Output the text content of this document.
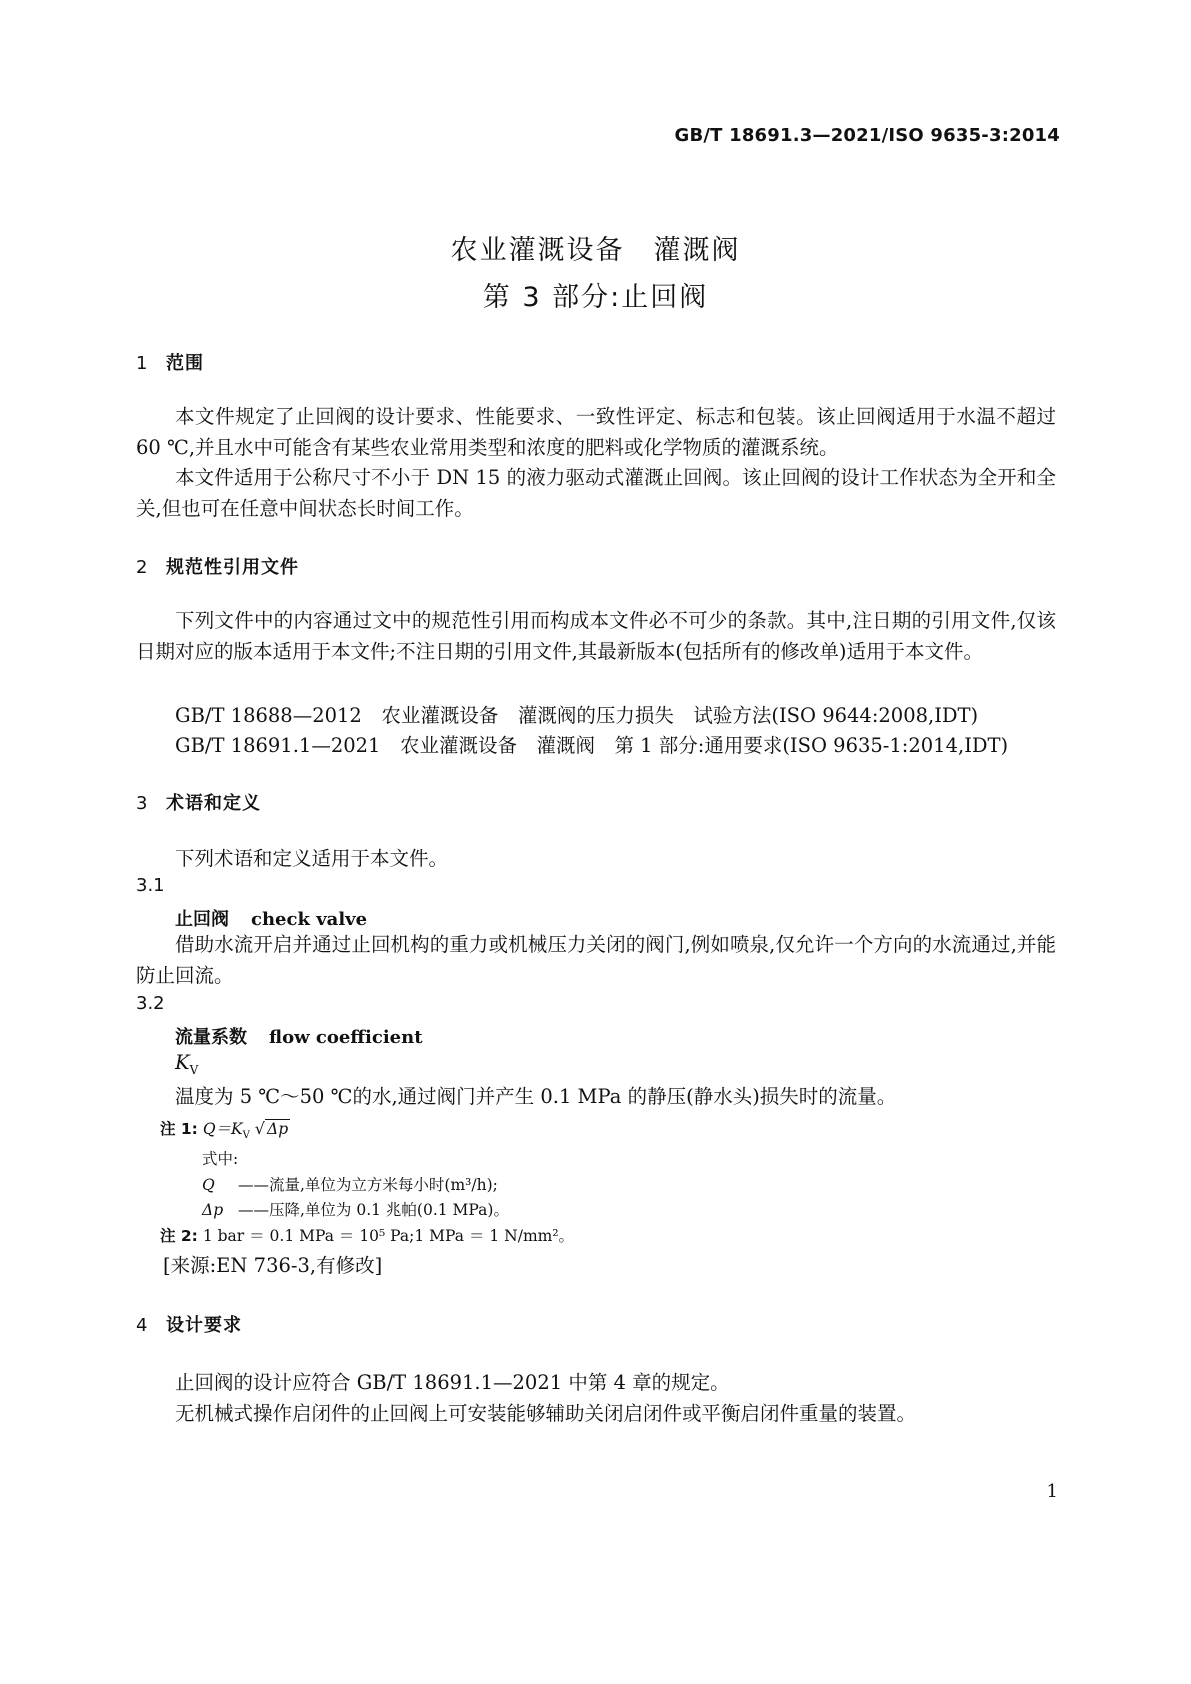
GB/T 18691.3—2021/ISO 9635-3:2014
农业灌溉设备　灌溉阀
第 3 部分:止回阀
1 范围
本文件规定了止回阀的设计要求、性能要求、一致性评定、标志和包装。该止回阀适用于水温不超过 60 ℃,并且水中可能含有某些农业常用类型和浓度的肥料或化学物质的灌溉系统。
本文件适用于公称尺寸不小于 DN 15 的液力驱动式灌溉止回阀。该止回阀的设计工作状态为全开和全关,但也可在任意中间状态长时间工作。
2 规范性引用文件
下列文件中的内容通过文中的规范性引用而构成本文件必不可少的条款。其中,注日期的引用文件,仅该日期对应的版本适用于本文件;不注日期的引用文件,其最新版本(包括所有的修改单)适用于本文件。
GB/T 18688—2012　农业灌溉设备　灌溉阀的压力损失　试验方法(ISO 9644:2008,IDT)
GB/T 18691.1—2021　农业灌溉设备　灌溉阀　第 1 部分:通用要求(ISO 9635-1:2014,IDT)
3 术语和定义
下列术语和定义适用于本文件。
3.1
止回阀 check valve
借助水流开启并通过止回机构的重力或机械压力关闭的阀门,例如喷泉,仅允许一个方向的水流通过,并能防止回流。
3.2
流量系数 flow coefficient
$K_V$
温度为 5 ℃～50 ℃的水,通过阀门并产生 0.1 MPa 的静压(静水头)损失时的流量。
注 1: $Q=K_V$ √ Δp
式中:
Q ——流量,单位为立方米每小时(m³/h);
Δp ——压降,单位为 0.1 兆帕(0.1 MPa)。
注 2: 1 bar ＝ 0.1 MPa ＝ 10⁵ Pa;1 MPa ＝ 1 N/mm²。
[来源:EN 736-3,有修改]
4 设计要求
止回阀的设计应符合 GB/T 18691.1—2021 中第 4 章的规定。
无机械式操作启闭件的止回阀上可安装能够辅助关闭启闭件或平衡启闭件重量的装置。
1
